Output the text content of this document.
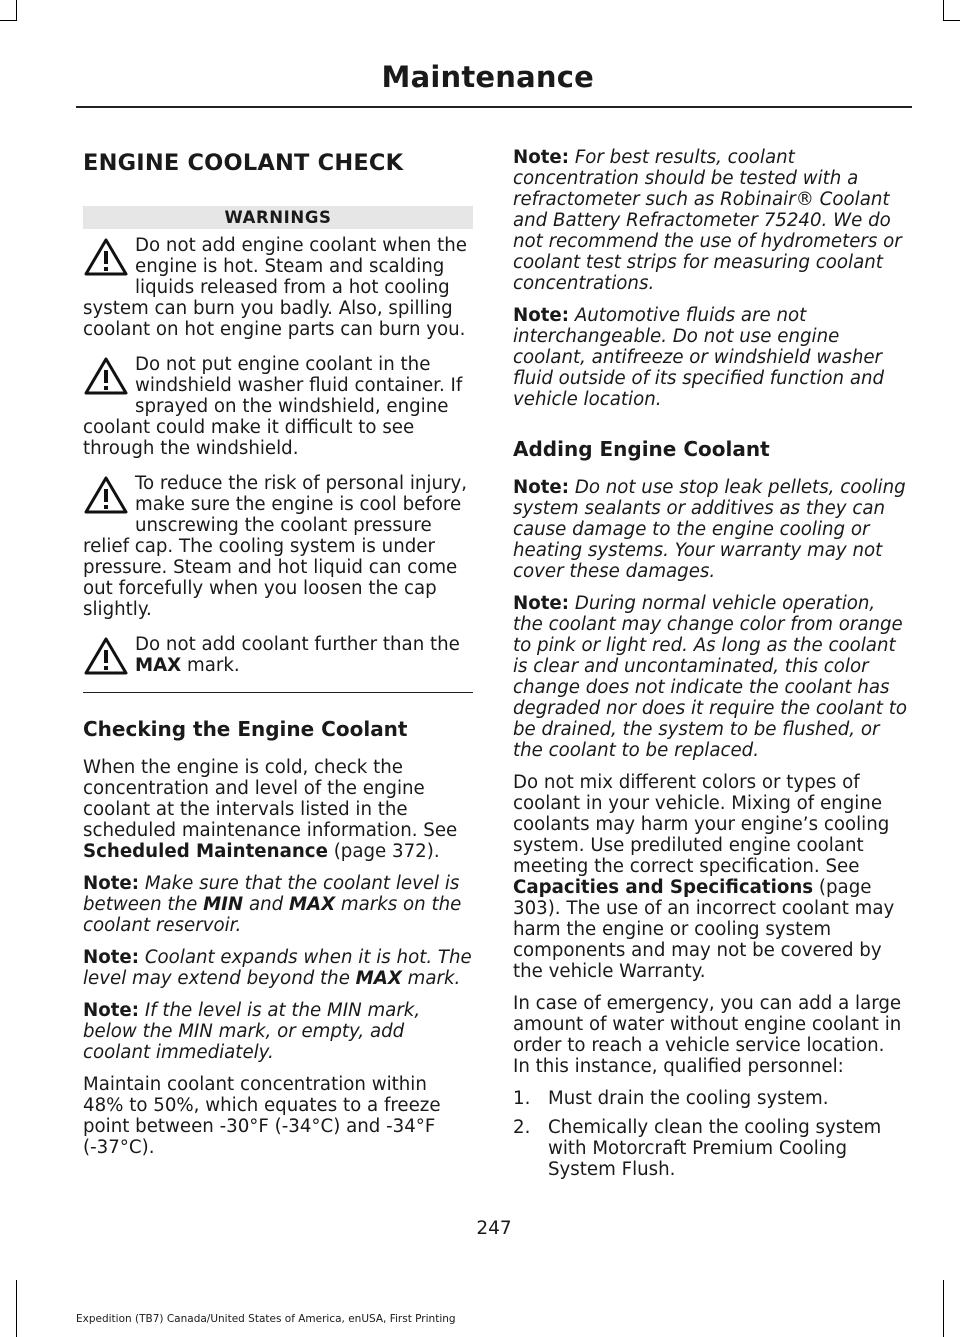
Maintenance
ENGINE COOLANT CHECK
WARNINGS

Do not add engine coolant when the engine is hot. Steam and scalding liquids released from a hot cooling system can burn you badly. Also, spilling coolant on hot engine parts can burn you.

Do not put engine coolant in the windshield washer fluid container. If sprayed on the windshield, engine coolant could make it difficult to see through the windshield.

To reduce the risk of personal injury, make sure the engine is cool before unscrewing the coolant pressure relief cap. The cooling system is under pressure. Steam and hot liquid can come out forcefully when you loosen the cap slightly.

Do not add coolant further than the MAX mark.

Checking the Engine Coolant

When the engine is cold, check the concentration and level of the engine coolant at the intervals listed in the scheduled maintenance information. See Scheduled Maintenance (page 372).

Note: Make sure that the coolant level is between the MIN and MAX marks on the coolant reservoir.

Note: Coolant expands when it is hot. The level may extend beyond the MAX mark.

Note: If the level is at the MIN mark, below the MIN mark, or empty, add coolant immediately.

Maintain coolant concentration within 48% to 50%, which equates to a freeze point between -30°F (-34°C) and -34°F (-37°C).

Note: For best results, coolant concentration should be tested with a refractometer such as Robinair® Coolant and Battery Refractometer 75240. We do not recommend the use of hydrometers or coolant test strips for measuring coolant concentrations.

Note: Automotive fluids are not interchangeable. Do not use engine coolant, antifreeze or windshield washer fluid outside of its specified function and vehicle location.

Adding Engine Coolant

Note: Do not use stop leak pellets, cooling system sealants or additives as they can cause damage to the engine cooling or heating systems. Your warranty may not cover these damages.

Note: During normal vehicle operation, the coolant may change color from orange to pink or light red. As long as the coolant is clear and uncontaminated, this color change does not indicate the coolant has degraded nor does it require the coolant to be drained, the system to be flushed, or the coolant to be replaced.

Do not mix different colors or types of coolant in your vehicle. Mixing of engine coolants may harm your engine’s cooling system. Use prediluted engine coolant meeting the correct specification. See Capacities and Specifications (page 303). The use of an incorrect coolant may harm the engine or cooling system components and may not be covered by the vehicle Warranty.

In case of emergency, you can add a large amount of water without engine coolant in order to reach a vehicle service location. In this instance, qualified personnel:

1. Must drain the cooling system.
2. Chemically clean the cooling system with Motorcraft Premium Cooling System Flush.
247
Expedition (TB7) Canada/United States of America, enUSA, First Printing
